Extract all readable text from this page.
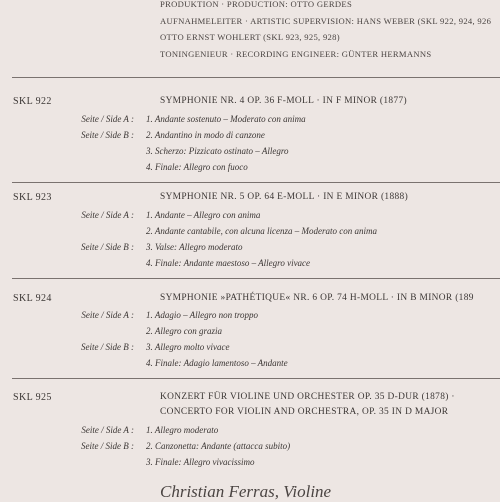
PRODUKTION · PRODUCTION: OTTO GERDES
AUFNAHMELEITER · ARTISTIC SUPERVISION: HANS WEBER (SKL 922, 924, 926
OTTO ERNST WOHLERT (SKL 923, 925, 928)
TONINGENIEUR · RECORDING ENGINEER: GÜNTER HERMANNS
SKL 922	SYMPHONIE NR. 4 OP. 36 F-MOLL · IN F MINOR (1877)
Seite / Side A : 1. Andante sostenuto – Moderato con anima
Seite / Side B : 2. Andantino in modo di canzone
3. Scherzo: Pizzicato ostinato – Allegro
4. Finale: Allegro con fuoco
SKL 923	SYMPHONIE NR. 5 OP. 64 E-MOLL · IN E MINOR (1888)
Seite / Side A : 1. Andante – Allegro con anima
2. Andante cantabile, con alcuna licenza – Moderato con anima
Seite / Side B : 3. Valse: Allegro moderato
4. Finale: Andante maestoso – Allegro vivace
SKL 924	SYMPHONIE »PATHÉTIQUE« NR. 6 OP. 74 H-MOLL · IN B MINOR (189
Seite / Side A : 1. Adagio – Allegro non troppo
2. Allegro con grazia
Seite / Side B : 3. Allegro molto vivace
4. Finale: Adagio lamentoso – Andante
SKL 925	KONZERT FÜR VIOLINE UND ORCHESTER OP. 35 D-DUR (1878) ·
CONCERTO FOR VIOLIN AND ORCHESTRA, OP. 35 IN D MAJOR
Seite / Side A : 1. Allegro moderato
Seite / Side B : 2. Canzonetta: Andante (attacca subito)
3. Finale: Allegro vivacissimo
Christian Ferras, Violine
